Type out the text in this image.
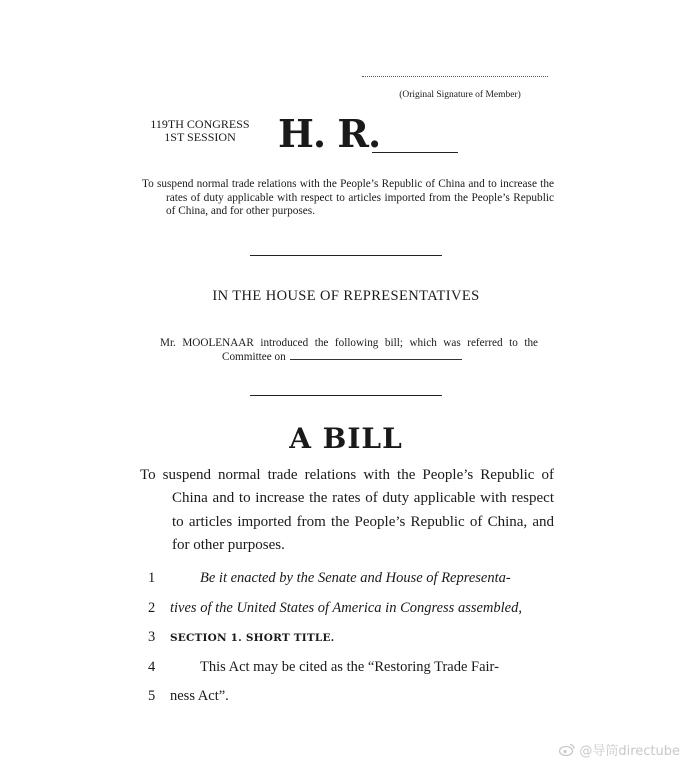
(Original Signature of Member)
119TH CONGRESS
1ST SESSION	H. R.
To suspend normal trade relations with the People’s Republic of China and to increase the rates of duty applicable with respect to articles imported from the People’s Republic of China, and for other purposes.
IN THE HOUSE OF REPRESENTATIVES
Mr. MOOLENAAR introduced the following bill; which was referred to the Committee on
A BILL
To suspend normal trade relations with the People’s Republic of China and to increase the rates of duty applicable with respect to articles imported from the People’s Republic of China, and for other purposes.
1	Be it enacted by the Senate and House of Representa-
2	tives of the United States of America in Congress assembled,
3	SECTION 1. SHORT TITLE.
4	This Act may be cited as the “Restoring Trade Fair-
5	ness Act”.
@导筒directube
